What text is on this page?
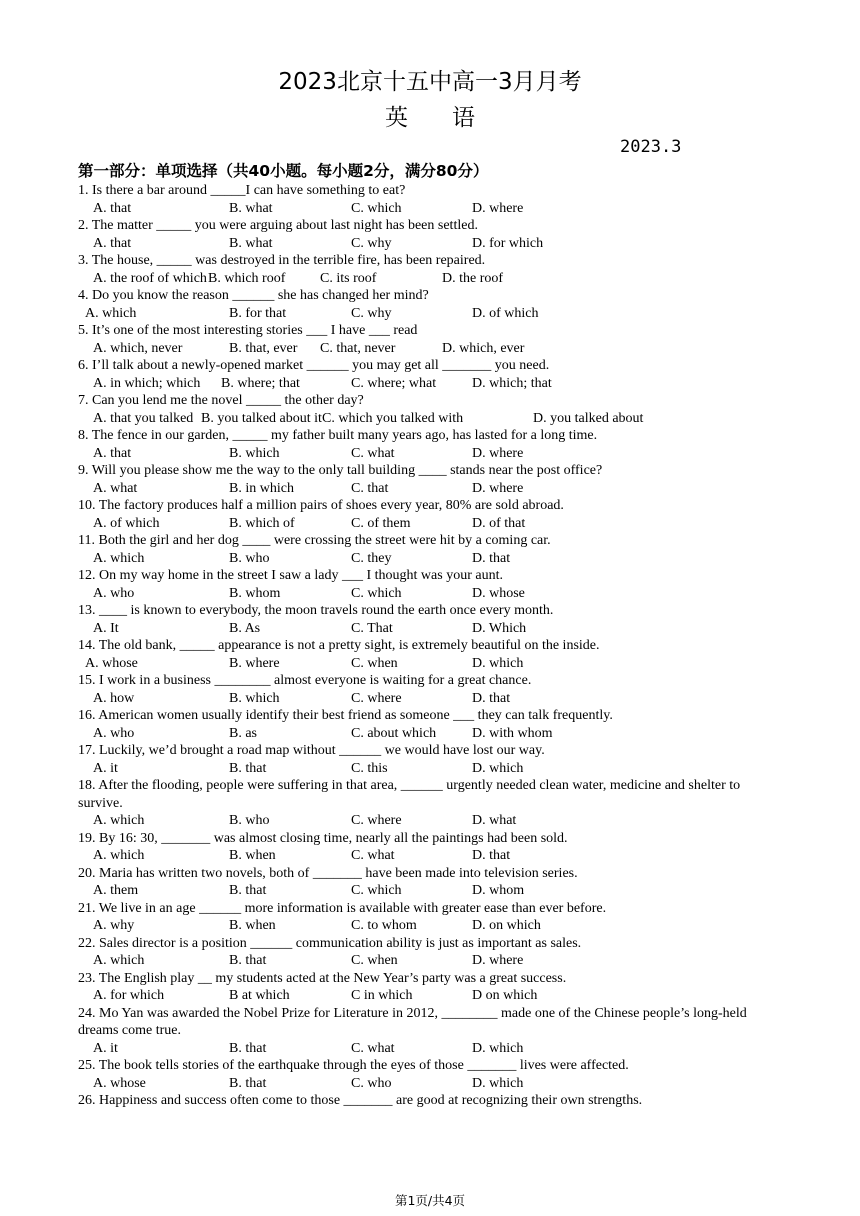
2023北京十五中高一3月月考
英语
2023.3
第一部分：单项选择（共40小题。每小题2分，满分80分）
1. Is there a bar around _____I can have something to eat?
A. that	B. what	C. which	D. where
2. The matter _____ you were arguing about last night has been settled.
A. that	B. what	C. why	D. for which
3. The house, _____ was destroyed in the terrible fire, has been repaired.
A. the roof of which B. which roof C. its roof	D. the roof
4. Do you know the reason ______ she has changed her mind?
A. which	B. for that	C. why	D. of which
5. It’s one of the most interesting stories ___ I have ___ read
A. which, never	B. that, ever C. that, never	D. which, ever
6. I’ll talk about a newly-opened market ______ you may get all _______ you need.
A. in which; which B. where; that	C. where; what	D. which; that
7. Can you lend me the novel _____ the other day?
A. that you talked B. you talked about it C. which you talked with	D. you talked about
8. The fence in our garden, _____ my father built many years ago, has lasted for a long time.
A. that	B. which	C. what	D. where
9. Will you please show me the way to the only tall building ____ stands near the post office?
A. what	B. in which	C. that	D. where
10. The factory produces half a million pairs of shoes every year, 80% are sold abroad.
A. of which	B. which of	C. of them	D. of that
11. Both the girl and her dog ____ were crossing the street were hit by a coming car.
A. which	B. who	C. they	D. that
12. On my way home in the street I saw a lady ___ I thought was your aunt.
A. who	B. whom	C. which	D. whose
13. ____ is known to everybody, the moon travels round the earth once every month.
A. It	B. As	C. That	D. Which
14. The old bank, _____ appearance is not a pretty sight, is extremely beautiful on the inside.
A. whose	B. where	C. when	D. which
15. I work in a business ________ almost everyone is waiting for a great chance.
A. how	B. which	C. where	D. that
16. American women usually identify their best friend as someone ___ they can talk frequently.
A. who	B. as	C. about which	D. with whom
17. Luckily, we’d brought a road map without ______ we would have lost our way.
A. it	B. that	C. this	D. which
18. After the flooding, people were suffering in that area, ______ urgently needed clean water, medicine and shelter to survive.
A. which	B. who	C. where	D. what
19. By 16: 30, _______ was almost closing time, nearly all the paintings had been sold.
A. which	B. when	C. what	D. that
20. Maria has written two novels, both of _______ have been made into television series.
A. them	B. that	C. which	D. whom
21. We live in an age ______ more information is available with greater ease than ever before.
A. why	B. when	C. to whom	D. on which
22. Sales director is a position ______ communication ability is just as important as sales.
A. which	B. that	C. when	D. where
23. The English play __ my students acted at the New Year’s party was a great success.
A. for which	B at which	C in which	D on which
24. Mo Yan was awarded the Nobel Prize for Literature in 2012, ________ made one of the Chinese people’s long-held dreams come true.
A. it	B. that	C. what	D. which
25. The book tells stories of the earthquake through the eyes of those _______ lives were affected.
A. whose	B. that	C. who	D. which
26. Happiness and success often come to those _______ are good at recognizing their own strengths.
第1页/共4页
